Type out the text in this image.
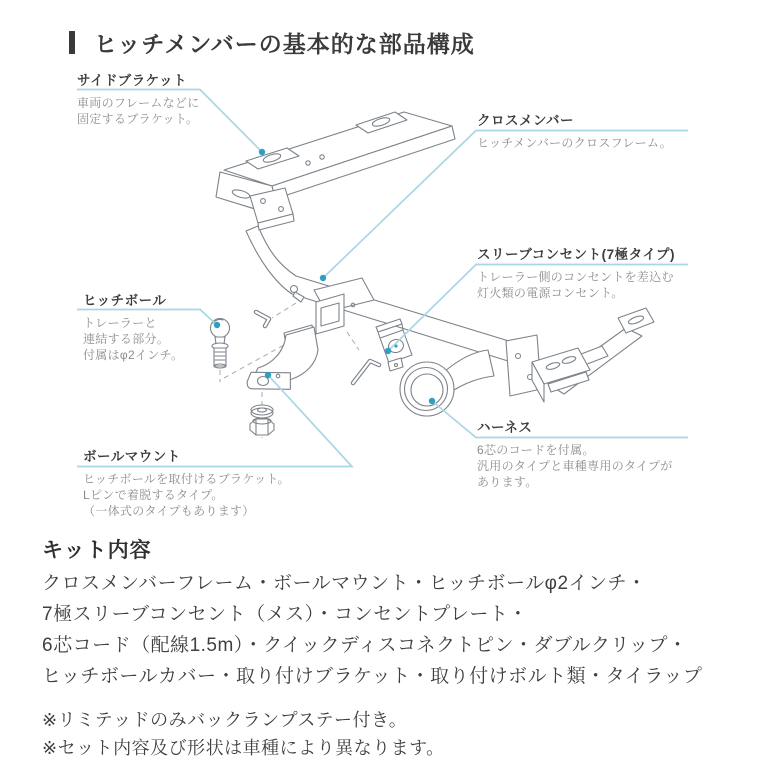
ヒッチメンバーの基本的な部品構成
サイドブラケット
車両のフレームなどに
固定するブラケット。	クロスメンバー
ヒッチメンバーのクロスフレーム。
スリーブコンセント(7極タイプ)
トレーラー側のコンセントを差込む
灯火類の電源コンセント。
ヒッチボール
トレーラーと
連結する部分。
付属はφ2インチ。
ハーネス
6芯のコードを付属。
汎用のタイプと車種専用のタイプが
あります。
ボールマウント
ヒッチボールを取付けるブラケット。
Lピンで着脱するタイプ。
（一体式のタイプもあります）
キット内容
クロスメンバーフレーム・ボールマウント・ヒッチボールφ2インチ・
7極スリーブコンセント（メス）・コンセントプレート・
6芯コード（配線1.5m）・クイックディスコネクトピン・ダブルクリップ・
ヒッチボールカバー・取り付けブラケット・取り付けボルト類・タイラップ
※リミテッドのみバックランプステー付き。
※セット内容及び形状は車種により異なります。
